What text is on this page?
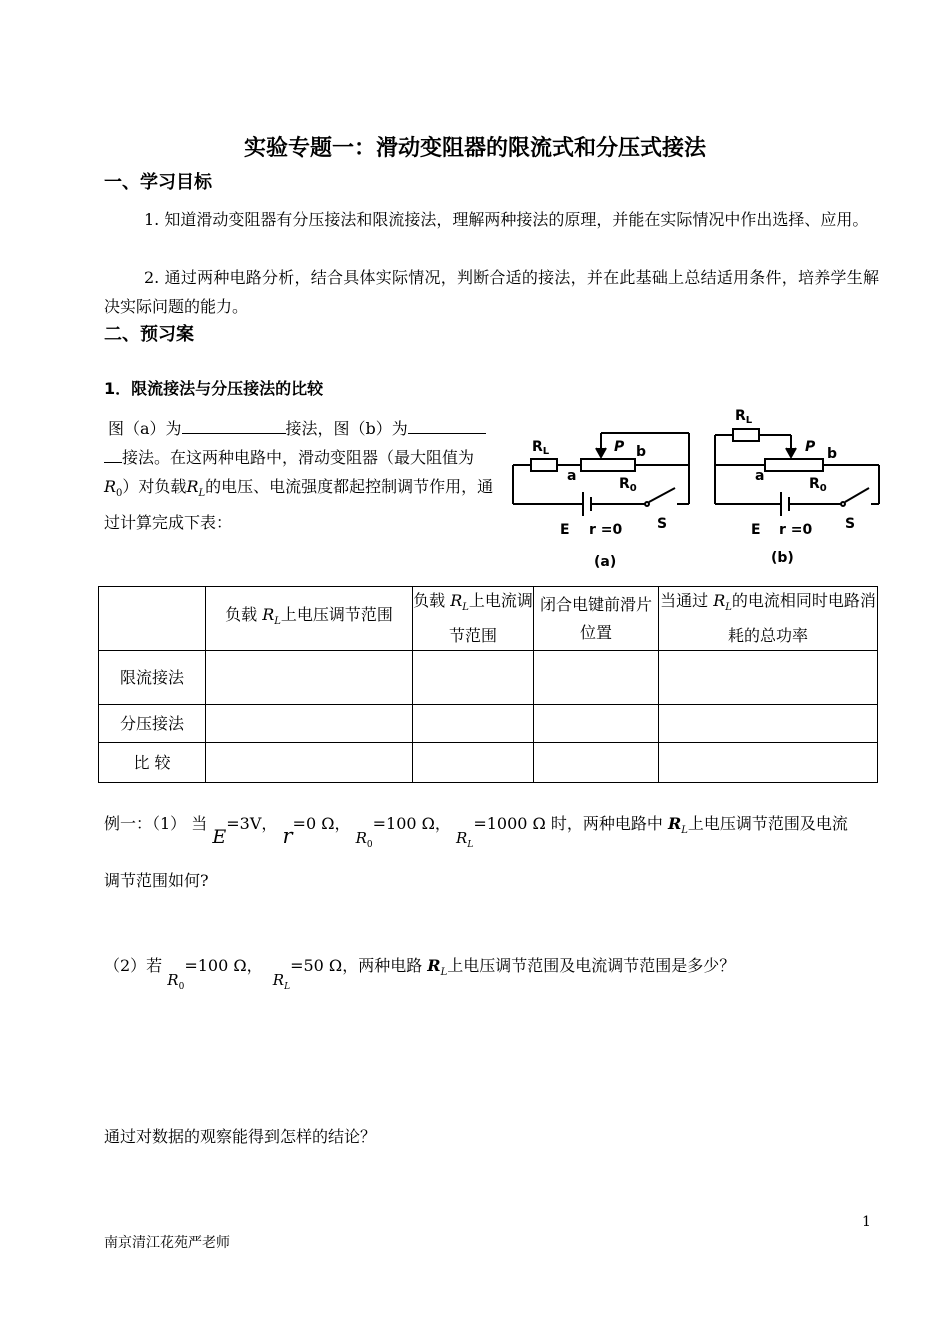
实验专题一：滑动变阻器的限流式和分压式接法
一、学习目标
1. 知道滑动变阻器有分压接法和限流接法，理解两种接法的原理，并能在实际情况中作出选择、应用。
2. 通过两种电路分析，结合具体实际情况，判断合适的接法，并在此基础上总结适用条件，培养学生解决实际问题的能力。
二、预习案
1．限流接法与分压接法的比较
图（a）为	接法，图（b）为
接法。在这两种电路中，滑动变阻器（最大阻值为$R_0$）对负载$R_L$的电压、电流强度都起控制调节作用，通过计算完成下表：
$R_L$	P b
a	$R_0$
E r =0 S
(a)
$R_L$
P b
a	$R_0$
E r =0 S
(b)
	负载 $R_L$上电压调节范围	负载 $R_L$上电流调节范围	闭合电键前滑片位置	当通过 $R_L$的电流相同时电路消耗的总功率
限流接法				
分压接法				
比 较				
例一：（1） 当 E=3V， r=0 Ω， $R_0=100$ Ω， $R_L=1000$ Ω 时，两种电路中 $R_L$上电压调节范围及电流
调节范围如何?
（2）若 $R_0=100$ Ω，  $R_L=50$ Ω，两种电路 $R_L$上电压调节范围及电流调节范围是多少？
通过对数据的观察能得到怎样的结论？
1
南京清江花苑严老师
